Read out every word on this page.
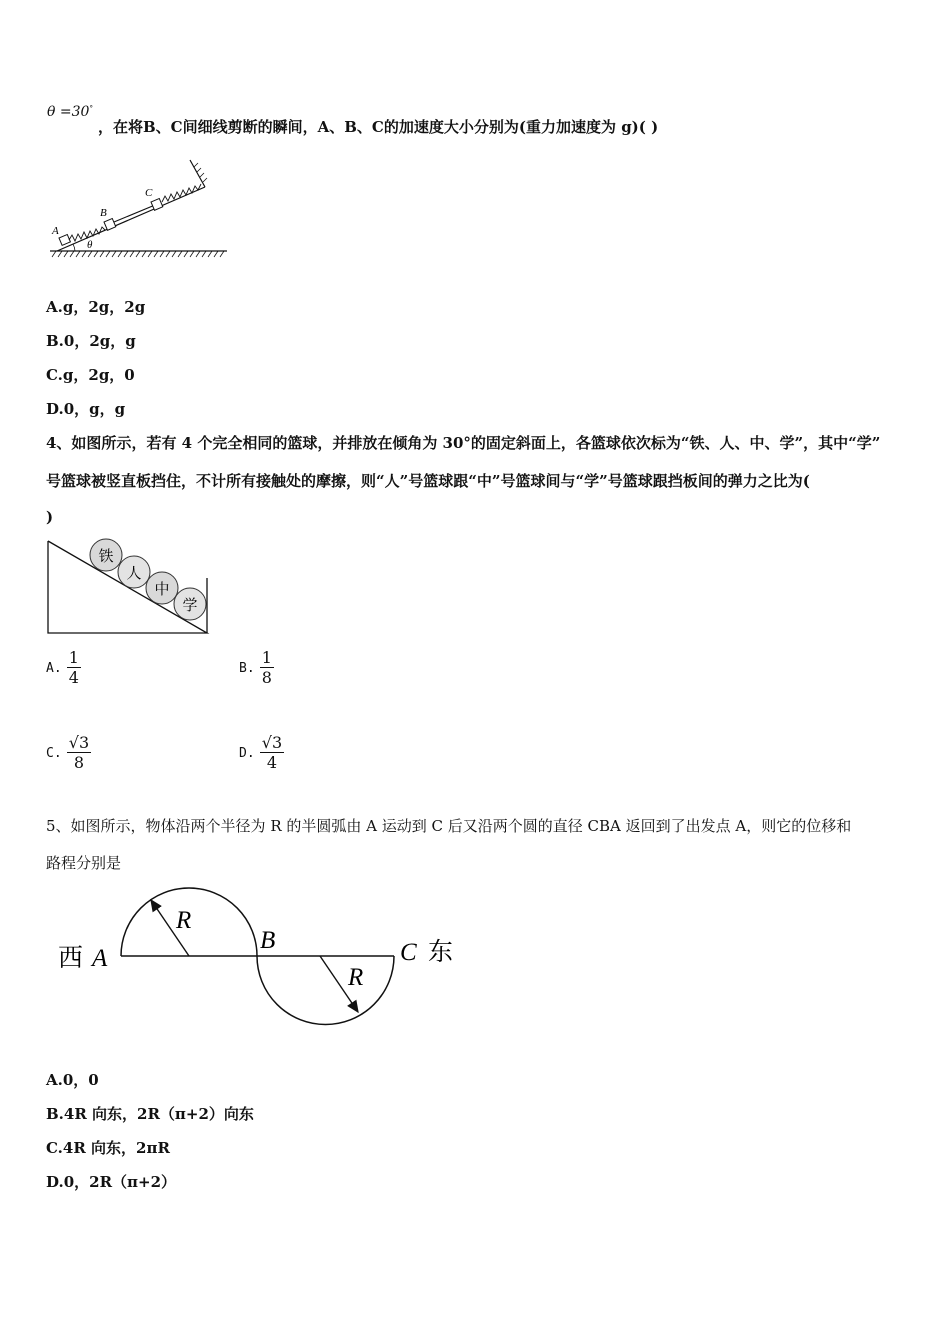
θ =30°
，在将B、C间细线剪断的瞬间，A、B、C的加速度大小分别为(重力加速度为 g)( )
A
B
C
θ
A.g，2g，2g
B.0，2g，g
C.g，2g，0
D.0，g，g
4、如图所示，若有 4 个完全相同的篮球，并排放在倾角为 30°的固定斜面上，各篮球依次标为“铁、人、中、学”，其中“学”
号篮球被竖直板挡住，不计所有接触处的摩擦，则“人”号篮球跟“中”号篮球间与“学”号篮球跟挡板间的弹力之比为(
)
铁
人
中
学
A. $\frac{1}{4}$	B. $\frac{1}{8}$
C. $\frac{√3}{8}$	D. $\frac{√3}{4}$
5、如图所示，物体沿两个半径为 R 的半圆弧由 A 运动到 C 后又沿两个圆的直径 CBA 返回到了出发点 A，则它的位移和
路程分别是
西 A
R
B
R
C 东
A.0，0
B.4R 向东，2R（π+2）向东
C.4R 向东，2πR
D.0，2R（π+2）
